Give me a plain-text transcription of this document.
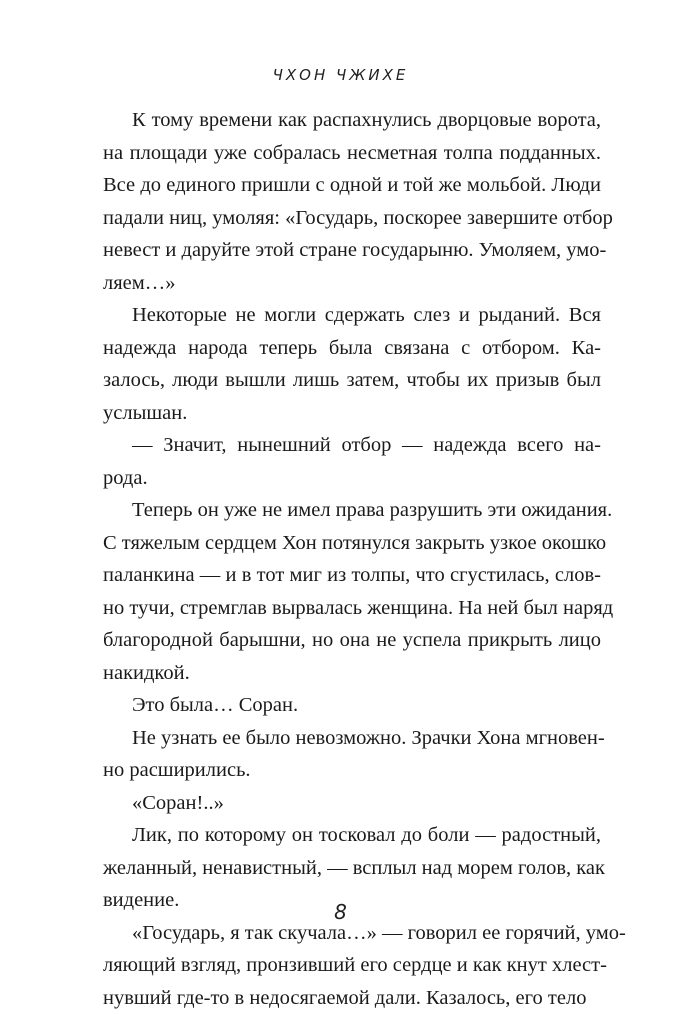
ЧХОН ЧЖИХЕ
К тому времени как распахнулись дворцовые ворота,
на площади уже собралась несметная толпа подданных.
Все до единого пришли с одной и той же мольбой. Люди
падали ниц, умоляя: «Государь, поскорее завершите отбор
невест и даруйте этой стране государыню. Умоляем, умо-
ляем…»
Некоторые не могли сдержать слез и рыданий. Вся
надежда народа теперь была связана с отбором. Ка-
залось, люди вышли лишь затем, чтобы их призыв был
услышан.
— Значит, нынешний отбор — надежда всего на-
рода.
Теперь он уже не имел права разрушить эти ожидания.
С тяжелым сердцем Хон потянулся закрыть узкое окошко
паланкина — и в тот миг из толпы, что сгустилась, слов-
но тучи, стремглав вырвалась женщина. На ней был наряд
благородной барышни, но она не успела прикрыть лицо
накидкой.
Это была… Соран.
Не узнать ее было невозможно. Зрачки Хона мгновен-
но расширились.
«Соран!..»
Лик, по которому он тосковал до боли — радостный,
желанный, ненавистный, — всплыл над морем голов, как
видение.
«Государь, я так скучала…» — говорил ее горячий, умо-
ляющий взгляд, пронзивший его сердце и как кнут хлест-
нувший где-то в недосягаемой дали. Казалось, его тело
8
